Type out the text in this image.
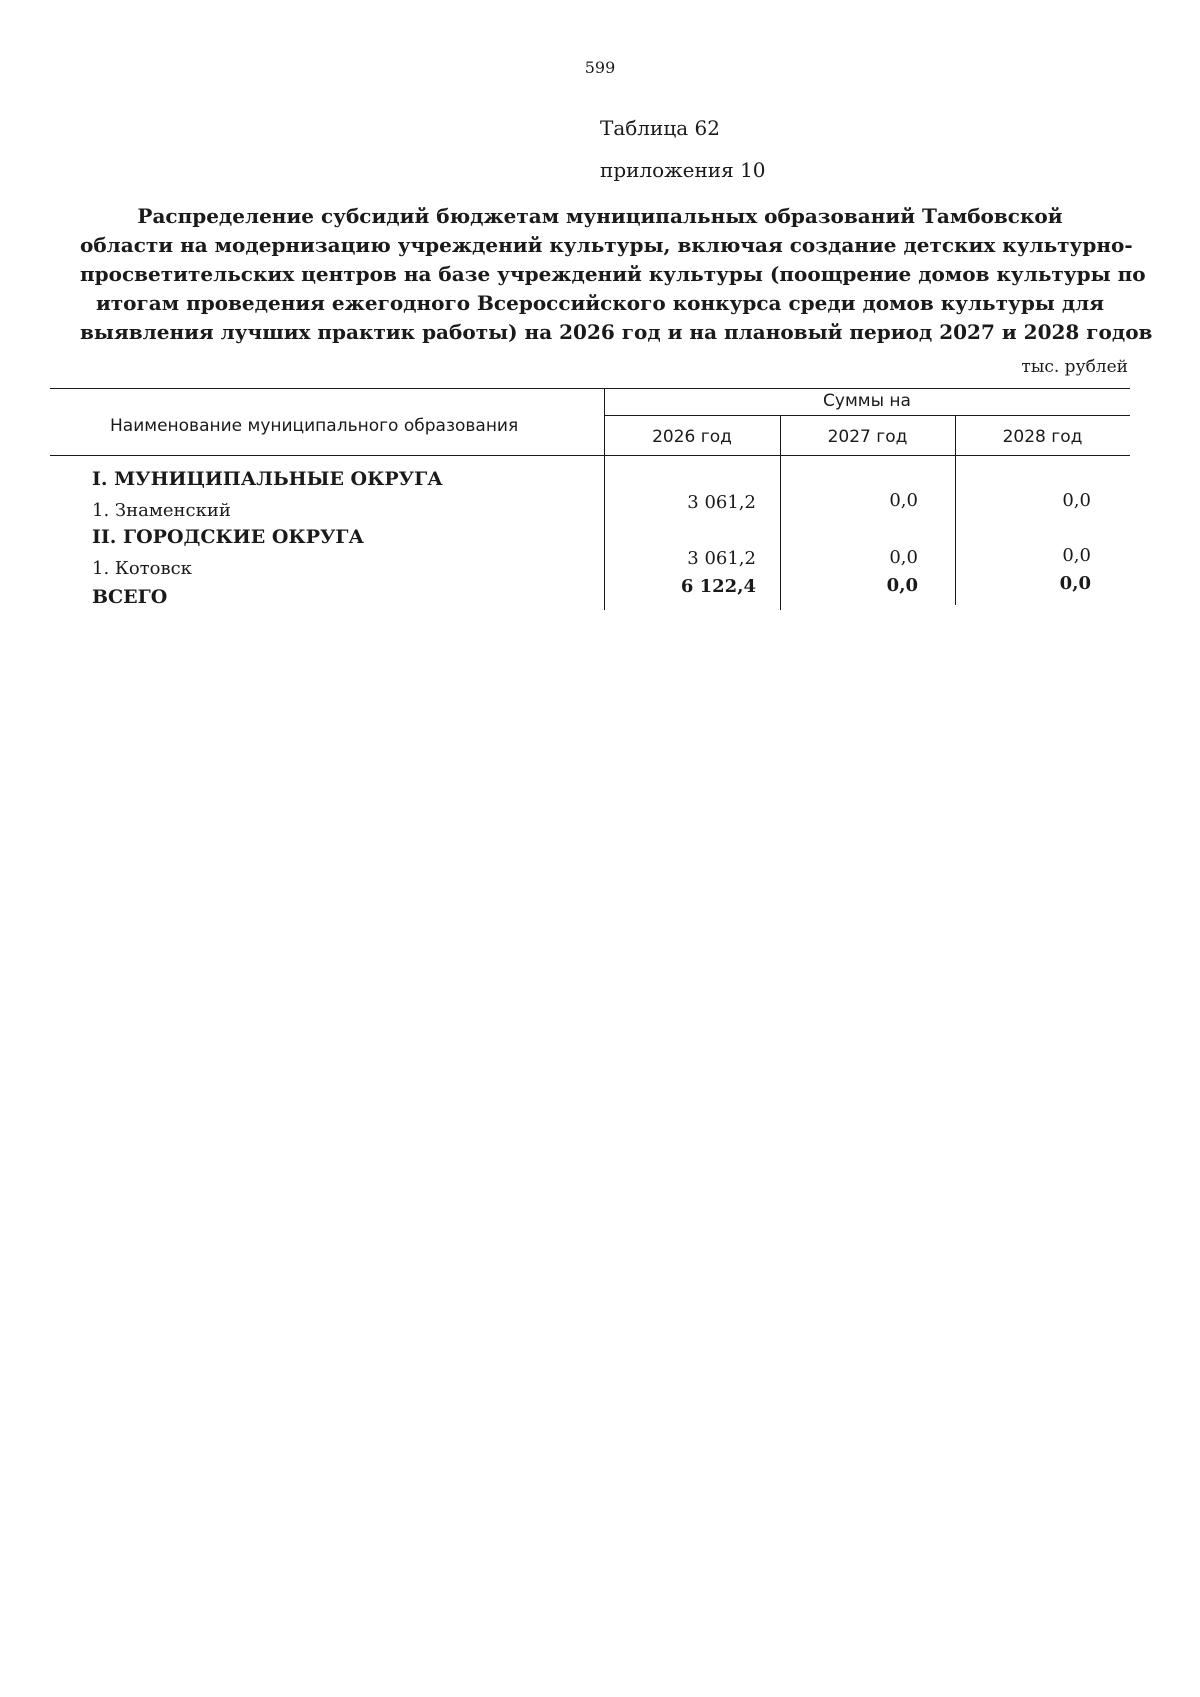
599
Таблица 62
приложения 10
Распределение субсидий бюджетам муниципальных образований Тамбовской
области на модернизацию учреждений культуры, включая создание детских культурно-
просветительских центров на базе учреждений культуры (поощрение домов культуры по
итогам проведения ежегодного Всероссийского конкурса среди домов культуры для
выявления лучших практик работы) на 2026 год и на плановый период 2027 и 2028 годов
тыс. рублей
Наименование муниципального образования
Суммы на
2026 год	2027 год	2028 год
I. МУНИЦИПАЛЬНЫЕ ОКРУГА
1. Знаменский	3 061,2	0,0	0,0
II. ГОРОДСКИЕ ОКРУГА
1. Котовск	3 061,2	0,0	0,0
ВСЕГО	6 122,4	0,0	0,0
